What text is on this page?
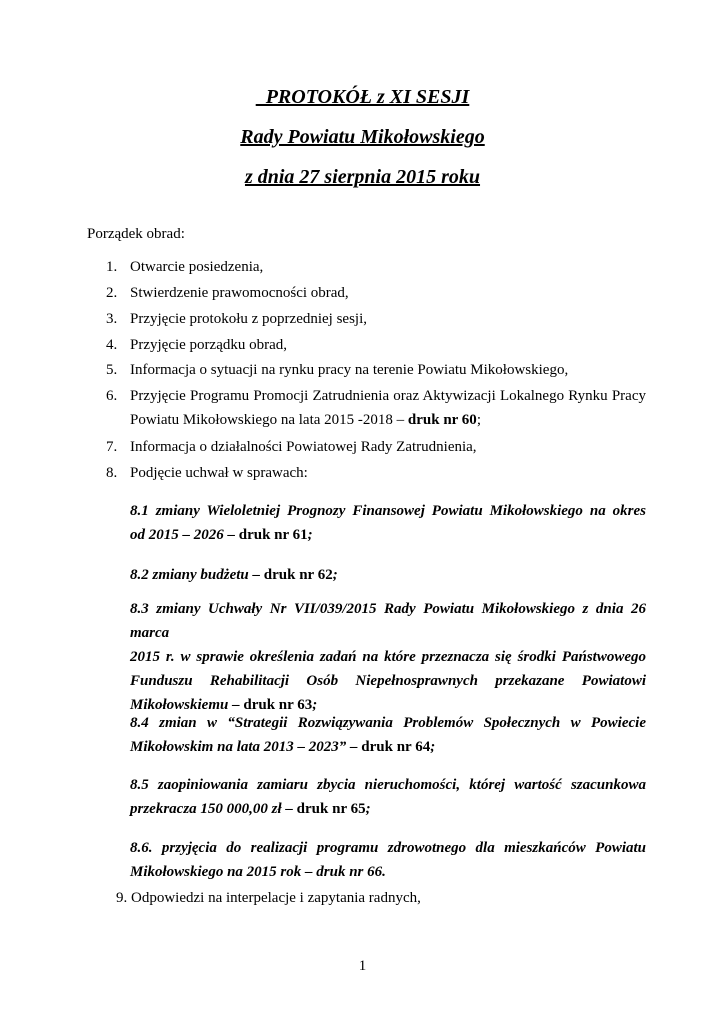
PROTOKÓŁ z XI SESJI
Rady Powiatu Mikołowskiego
z dnia 27 sierpnia 2015 roku
Porządek obrad:
1. Otwarcie posiedzenia,
2. Stwierdzenie prawomocności obrad,
3. Przyjęcie protokołu z poprzedniej sesji,
4. Przyjęcie porządku obrad,
5. Informacja o sytuacji na rynku pracy na terenie Powiatu Mikołowskiego,
6. Przyjęcie Programu Promocji Zatrudnienia oraz Aktywizacji Lokalnego Rynku Pracy
Powiatu Mikołowskiego na lata 2015 -2018 – druk nr 60;
7. Informacja o działalności Powiatowej Rady Zatrudnienia,
8. Podjęcie uchwał w sprawach:
8.1 zmiany Wieloletniej Prognozy Finansowej Powiatu Mikołowskiego na okres
od 2015 – 2026 – druk nr 61;
8.2 zmiany budżetu – druk nr 62;
8.3 zmiany Uchwały Nr VII/039/2015 Rady Powiatu Mikołowskiego z dnia 26 marca
2015 r. w sprawie określenia zadań na które przeznacza się środki Państwowego
Funduszu Rehabilitacji Osób Niepełnosprawnych przekazane Powiatowi
Mikołowskiemu – druk nr 63;
8.4 zmian w “Strategii Rozwiązywania Problemów Społecznych w Powiecie
Mikołowskim na lata 2013 – 2023” – druk nr 64;
8.5 zaopiniowania zamiaru zbycia nieruchomości, której wartość szacunkowa
przekracza 150 000,00 zł – druk nr 65;
8.6. przyjęcia do realizacji programu zdrowotnego dla mieszkańców Powiatu
Mikołowskiego na 2015 rok – druk nr 66.
9. Odpowiedzi na interpelacje i zapytania radnych,
1
